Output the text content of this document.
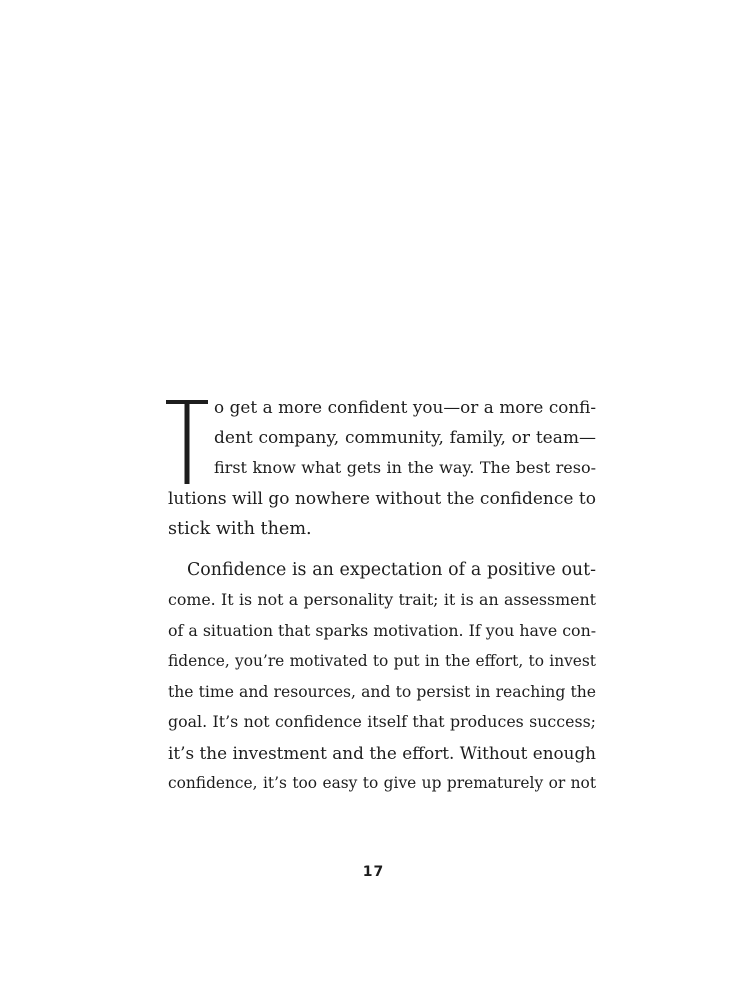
o get a more confident you—or a more confi-
dent company, community, family, or team—
first know what gets in the way. The best reso-
lutions will go nowhere without the confidence to
stick with them.
Confidence is an expectation of a positive out-
come. It is not a personality trait; it is an assessment
of a situation that sparks motivation. If you have con-
fidence, you’re motivated to put in the effort, to invest
the time and resources, and to persist in reaching the
goal. It’s not confidence itself that produces success;
it’s the investment and the effort. Without enough
confidence, it’s too easy to give up prematurely or not
17
